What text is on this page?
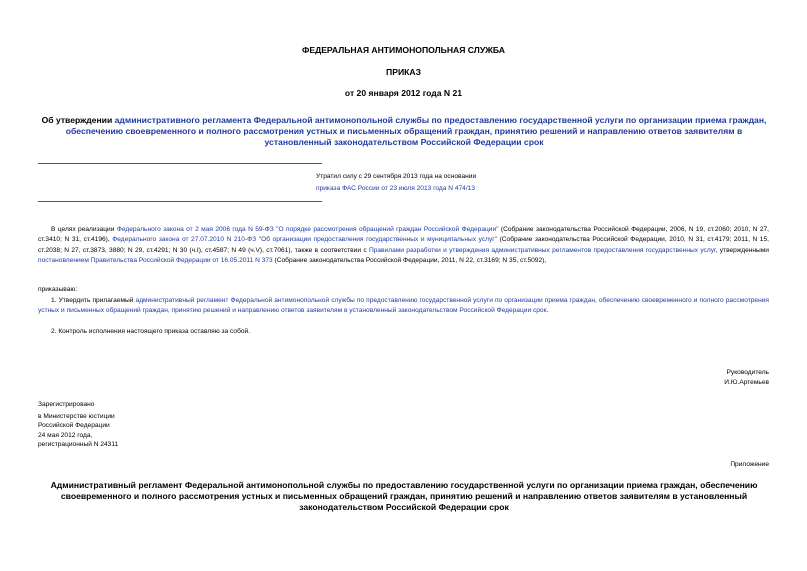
ФЕДЕРАЛЬНАЯ АНТИМОНОПОЛЬНАЯ СЛУЖБА
ПРИКАЗ
от 20 января 2012 года N 21
Об утверждении административного регламента Федеральной антимонопольной службы по предоставлению государственной услуги по организации приема граждан, обеспечению своевременного и полного рассмотрения устных и письменных обращений граждан, принятию решений и направлению ответов заявителям в установленный законодательством Российской Федерации срок

Утратил силу с 29 сентября 2013 года на основании

приказа ФАС России от 23 июля 2013 года N 474/13

В целях реализации Федерального закона от 2 мая 2006 года N 59-ФЗ "О порядке рассмотрения обращений граждан Российской Федерации" (Собрание законодательства Российской Федерации, 2006, N 19, ст.2060; 2010, N 27, ст.3410; N 31, ст.4196), Федерального закона от 27.07.2010 N 210-ФЗ "Об организации предоставления государственных и муниципальных услуг" (Собрание законодательства Российской Федерации, 2010, N 31, ст.4179; 2011, N 15, ст.2038; N 27, ст.3873, 3880; N 29, ст.4291; N 30 (ч.I), ст.4587; N 49 (ч.V), ст.7061), также в соответствии с Правилами разработки и утверждения административных регламентов предоставления государственных услуг, утвержденными постановлением Правительства Российской Федерации от 16.05.2011 N 373 (Собрание законодательства Российской Федерации, 2011, N 22, ст.3169; N 35, ст.5092),
приказываю:
1. Утвердить прилагаемый административный регламент Федеральной антимонопольной службы по предоставлению государственной услуги по организации приема граждан, обеспечению своевременного и полного рассмотрения устных и письменных обращений граждан, принятию решений и направлению ответов заявителям в установленный законодательством Российской Федерации срок.
2. Контроль исполнения настоящего приказа оставляю за собой.

Руководитель

И.Ю.Артемьев

Зарегистрировано

в Министерстве юстиции

Российской Федерации

24 мая 2012 года,

регистрационный N 24311

Приложение
Административный регламент Федеральной антимонопольной службы по предоставлению государственной услуги по организации приема граждан, обеспечению своевременного и полного рассмотрения устных и письменных обращений граждан, принятию решений и направлению ответов заявителям в установленный законодательством Российской Федерации срок
